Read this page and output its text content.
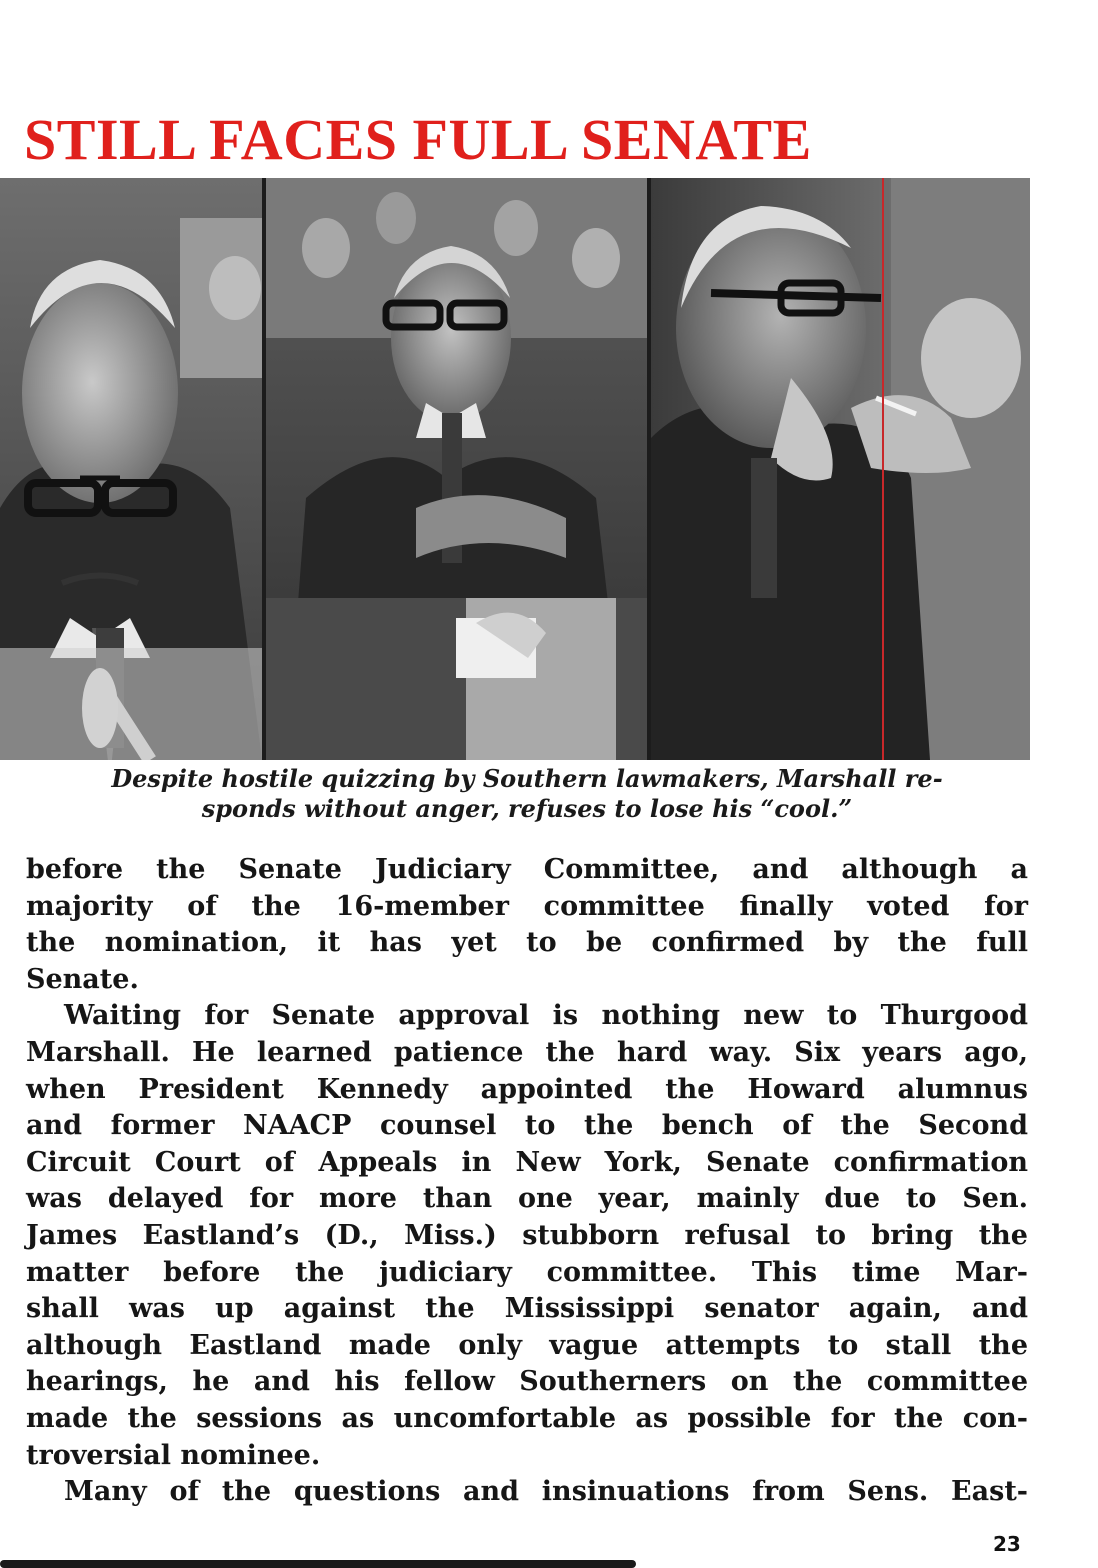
STILL FACES FULL SENATE
Despite hostile quizzing by Southern lawmakers, Marshall re-
sponds without anger, refuses to lose his “cool.”
before the Senate Judiciary Committee, and although a
majority of the 16-member committee finally voted for
the nomination, it has yet to be confirmed by the full
Senate.
Waiting for Senate approval is nothing new to Thurgood
Marshall. He learned patience the hard way. Six years ago,
when President Kennedy appointed the Howard alumnus
and former NAACP counsel to the bench of the Second
Circuit Court of Appeals in New York, Senate confirmation
was delayed for more than one year, mainly due to Sen.
James Eastland’s (D., Miss.) stubborn refusal to bring the
matter before the judiciary committee. This time Mar-
shall was up against the Mississippi senator again, and
although Eastland made only vague attempts to stall the
hearings, he and his fellow Southerners on the committee
made the sessions as uncomfortable as possible for the con-
troversial nominee.
Many of the questions and insinuations from Sens. East-
23
